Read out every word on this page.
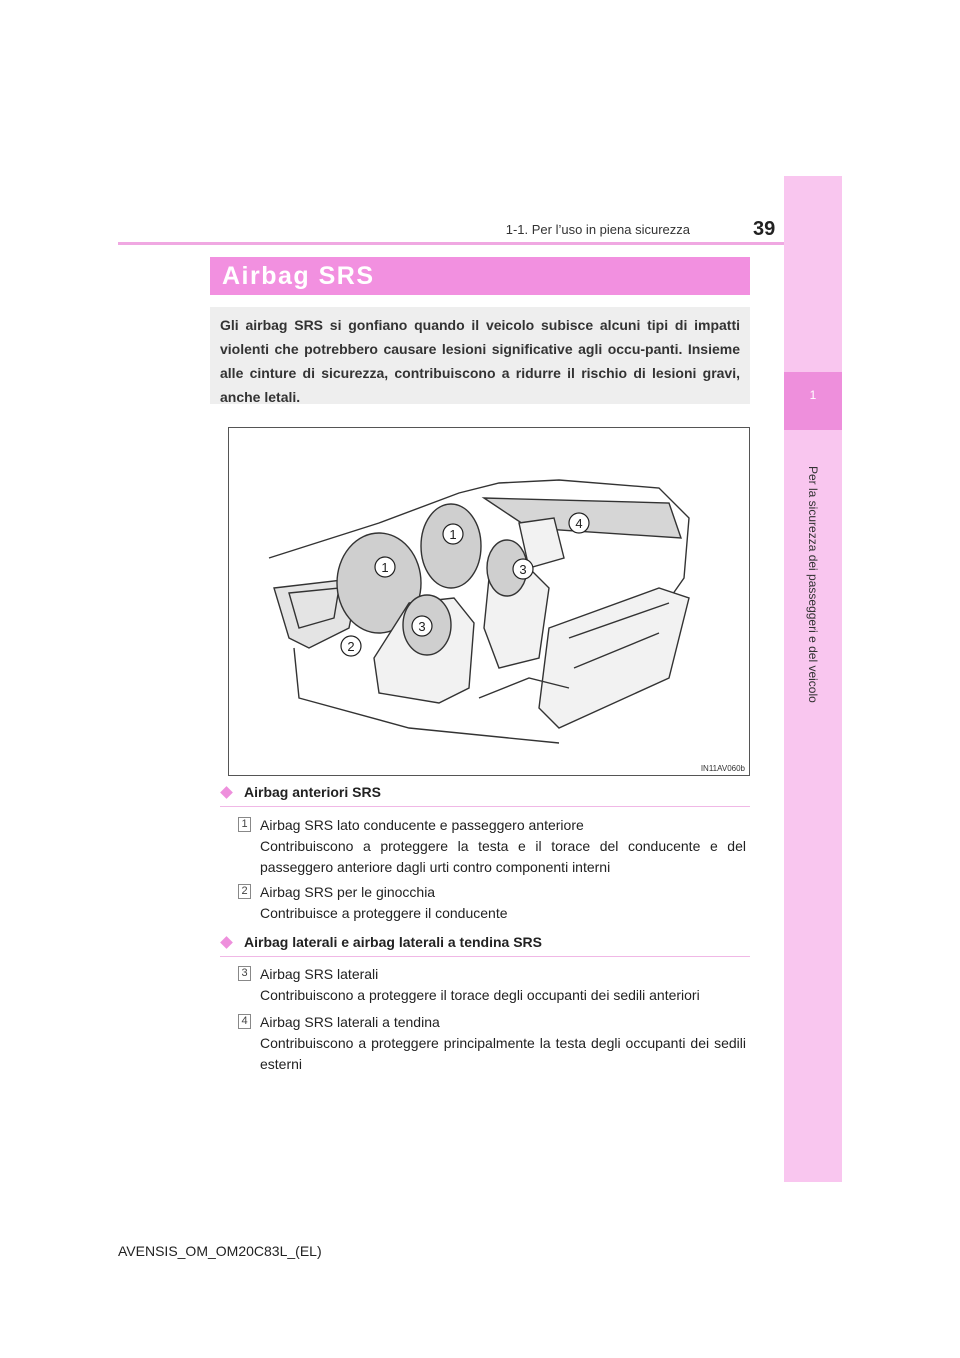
1
Per la sicurezza dei passeggeri e del veicolo
1-1. Per l’uso in piena sicurezza	39
Airbag SRS
Gli airbag SRS si gonfiano quando il veicolo subisce alcuni tipi di impatti violenti che potrebbero causare lesioni significative agli occu-panti. Insieme alle cinture di sicurezza, contribuiscono a ridurre il rischio di lesioni gravi, anche letali.
1
1
2
3
3
4
IN11AV060b
Airbag anteriori SRS
1 Airbag SRS lato conducente e passeggero anteriore
Contribuiscono a proteggere la testa e il torace del conducente e del passeggero anteriore dagli urti contro componenti interni
2 Airbag SRS per le ginocchia
Contribuisce a proteggere il conducente
Airbag laterali e airbag laterali a tendina SRS
3 Airbag SRS laterali
Contribuiscono a proteggere il torace degli occupanti dei sedili anteriori
4 Airbag SRS laterali a tendina
Contribuiscono a proteggere principalmente la testa degli occupanti dei sedili esterni
AVENSIS_OM_OM20C83L_(EL)
